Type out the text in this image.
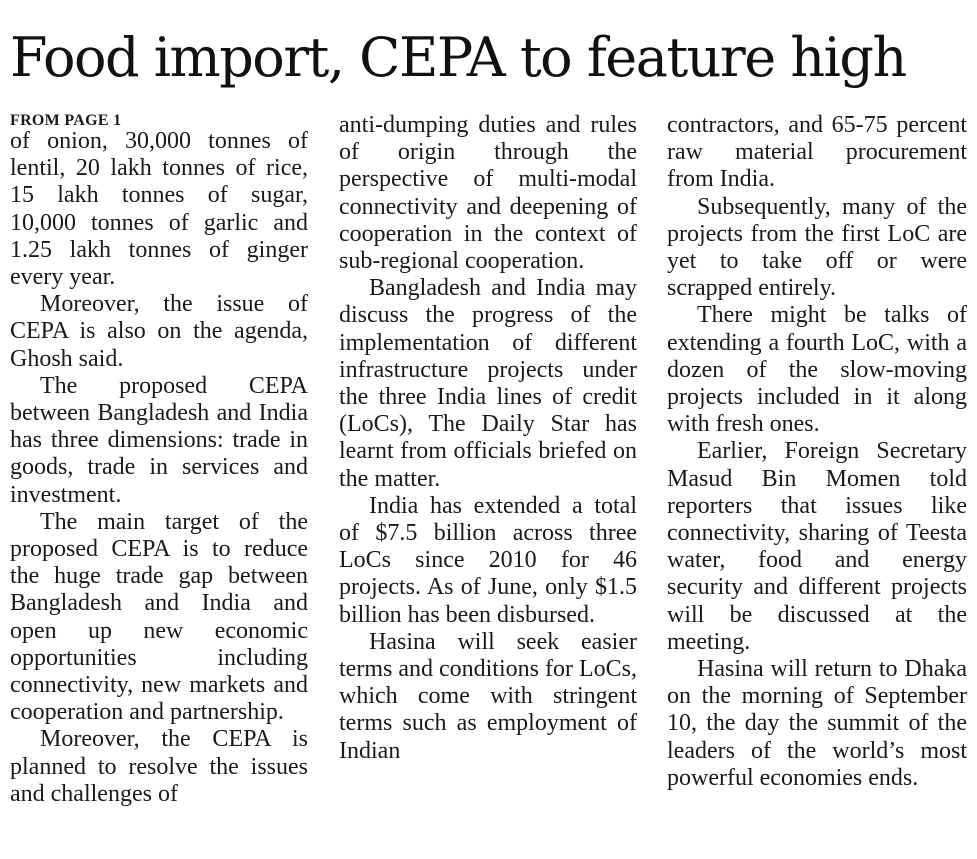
Food import, CEPA to feature high
FROM PAGE 1

of onion, 30,000 tonnes of lentil, 20 lakh tonnes of rice, 15 lakh tonnes of sugar, 10,000 tonnes of garlic and 1.25 lakh tonnes of ginger every year.

Moreover, the issue of CEPA is also on the agenda, Ghosh said.

The proposed CEPA between Bangladesh and India has three dimensions: trade in goods, trade in services and investment.

The main target of the proposed CEPA is to reduce the huge trade gap between Bangladesh and India and open up new economic opportunities including connectivity, new markets and cooperation and partnership.

Moreover, the CEPA is planned to resolve the issues and challenges of

anti-dumping duties and rules of origin through the perspective of multi-modal connectivity and deepening of cooperation in the context of sub-regional cooperation.

Bangladesh and India may discuss the progress of the implementation of different infrastructure projects under the three India lines of credit (LoCs), The Daily Star has learnt from officials briefed on the matter.

India has extended a total of $7.5 billion across three LoCs since 2010 for 46 projects. As of June, only $1.5 billion has been disbursed.

Hasina will seek easier terms and conditions for LoCs, which come with stringent terms such as employment of Indian

contractors, and 65-75 percent raw material procurement from India.

Subsequently, many of the projects from the first LoC are yet to take off or were scrapped entirely.

There might be talks of extending a fourth LoC, with a dozen of the slow-moving projects included in it along with fresh ones.

Earlier, Foreign Secretary Masud Bin Momen told reporters that issues like connectivity, sharing of Teesta water, food and energy security and different projects will be discussed at the meeting.

Hasina will return to Dhaka on the morning of September 10, the day the summit of the leaders of the world’s most powerful economies ends.
